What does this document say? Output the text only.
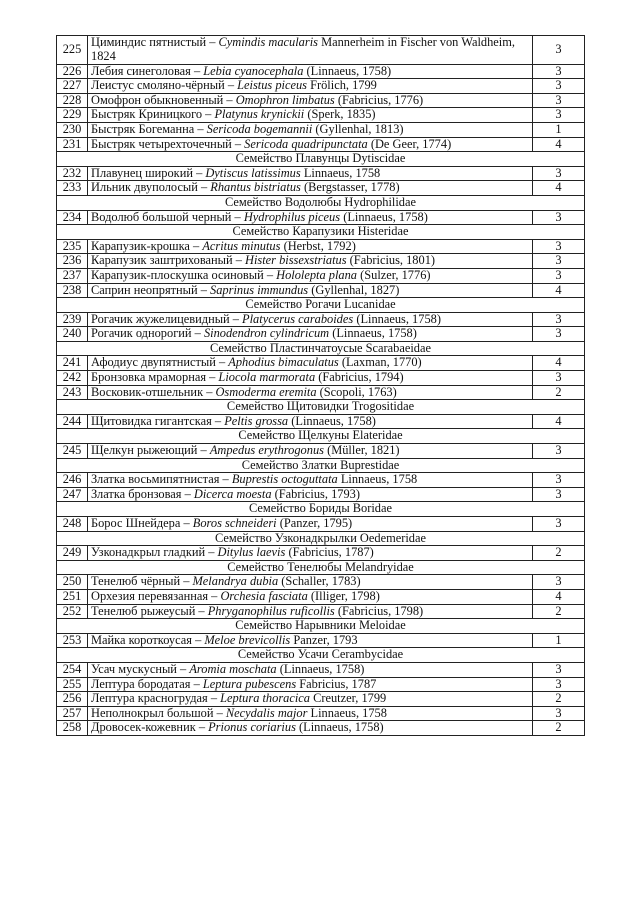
225	Циминдис пятнистый – Cymindis macularis Mannerheim in Fischer von Waldheim, 1824	3
226	Лебия синеголовая – Lebia cyanocephala (Linnaeus, 1758)	3
227	Леистус смоляно-чёрный – Leistus piceus Frölich, 1799	3
228	Омофрон обыкновенный – Omophron limbatus (Fabricius, 1776)	3
229	Быстряк Криницкого – Platynus krynickii (Sperk, 1835)	3
230	Быстряк Богеманна – Sericoda bogemannii (Gyllenhal, 1813)	1
231	Быстряк четырехточечный – Sericoda quadripunctata (De Geer, 1774)	4
Семейство Плавунцы Dytiscidae		
232	Плавунец широкий – Dytiscus latissimus Linnaeus, 1758	3
233	Ильник двуполосый – Rhantus bistriatus (Bergstasser, 1778)	4
Семейство Водолюбы Hydrophilidae		
234	Водолюб большой черный – Hydrophilus piceus (Linnaeus, 1758)	3
Семейство Карапузики Histeridae		
235	Карапузик-крошка – Acritus minutus (Herbst, 1792)	3
236	Карапузик заштрихованый – Hister bissexstriatus (Fabricius, 1801)	3
237	Карапузик-плоскушка осиновый – Hololepta plana (Sulzer, 1776)	3
238	Саприн неопрятный – Saprinus immundus (Gyllenhal, 1827)	4
Семейство Рогачи Lucanidae		
239	Рогачик жужелицевидный – Platycerus caraboides (Linnaeus, 1758)	3
240	Рогачик однорогий – Sinodendron cylindricum (Linnaeus, 1758)	3
Семейство Пластинчатоусые Scarabaeidae		
241	Афодиус двупятнистый – Aphodius bimaculatus (Laxman, 1770)	4
242	Бронзовка мраморная – Liocola marmorata (Fabricius, 1794)	3
243	Восковик-отшельник – Osmoderma eremita (Scopoli, 1763)	2
Семейство Щитовидки Trogositidae		
244	Щитовидка гигантская – Peltis grossa (Linnaeus, 1758)	4
Семейство Щелкуны Elateridae		
245	Щелкун рыжеющий – Ampedus erythrogonus (Müller, 1821)	3
Семейство Златки Buprestidae		
246	Златка восьмипятнистая – Buprestis octoguttata Linnaeus, 1758	3
247	Златка бронзовая – Dicerca moesta (Fabricius, 1793)	3
Семейство Бориды Boridae		
248	Борос Шнейдера – Boros schneideri (Panzer, 1795)	3
Семейство Узконадкрылки Oedemeridae		
249	Узконадкрыл гладкий – Ditylus laevis (Fabricius, 1787)	2
Семейство Тенелюбы Melandryidae		
250	Тенелюб чёрный – Melandrya dubia (Schaller, 1783)	3
251	Орхезия перевязанная – Orchesia fasciata (Illiger, 1798)	4
252	Тенелюб рыжеусый – Phryganophilus ruficollis (Fabricius, 1798)	2
Семейство Нарывники Meloidae		
253	Майка короткоусая – Meloe brevicollis Panzer, 1793	1
Семейство Усачи Cerambycidae		
254	Усач мускусный – Aromia moschata (Linnaeus, 1758)	3
255	Лептура бородатая – Leptura pubescens Fabricius, 1787	3
256	Лептура красногрудая – Leptura thoracica Creutzer, 1799	2
257	Неполнокрыл большой – Necydalis major Linnaeus, 1758	3
258	Дровосек-кожевник – Prionus coriarius (Linnaeus, 1758)	2
